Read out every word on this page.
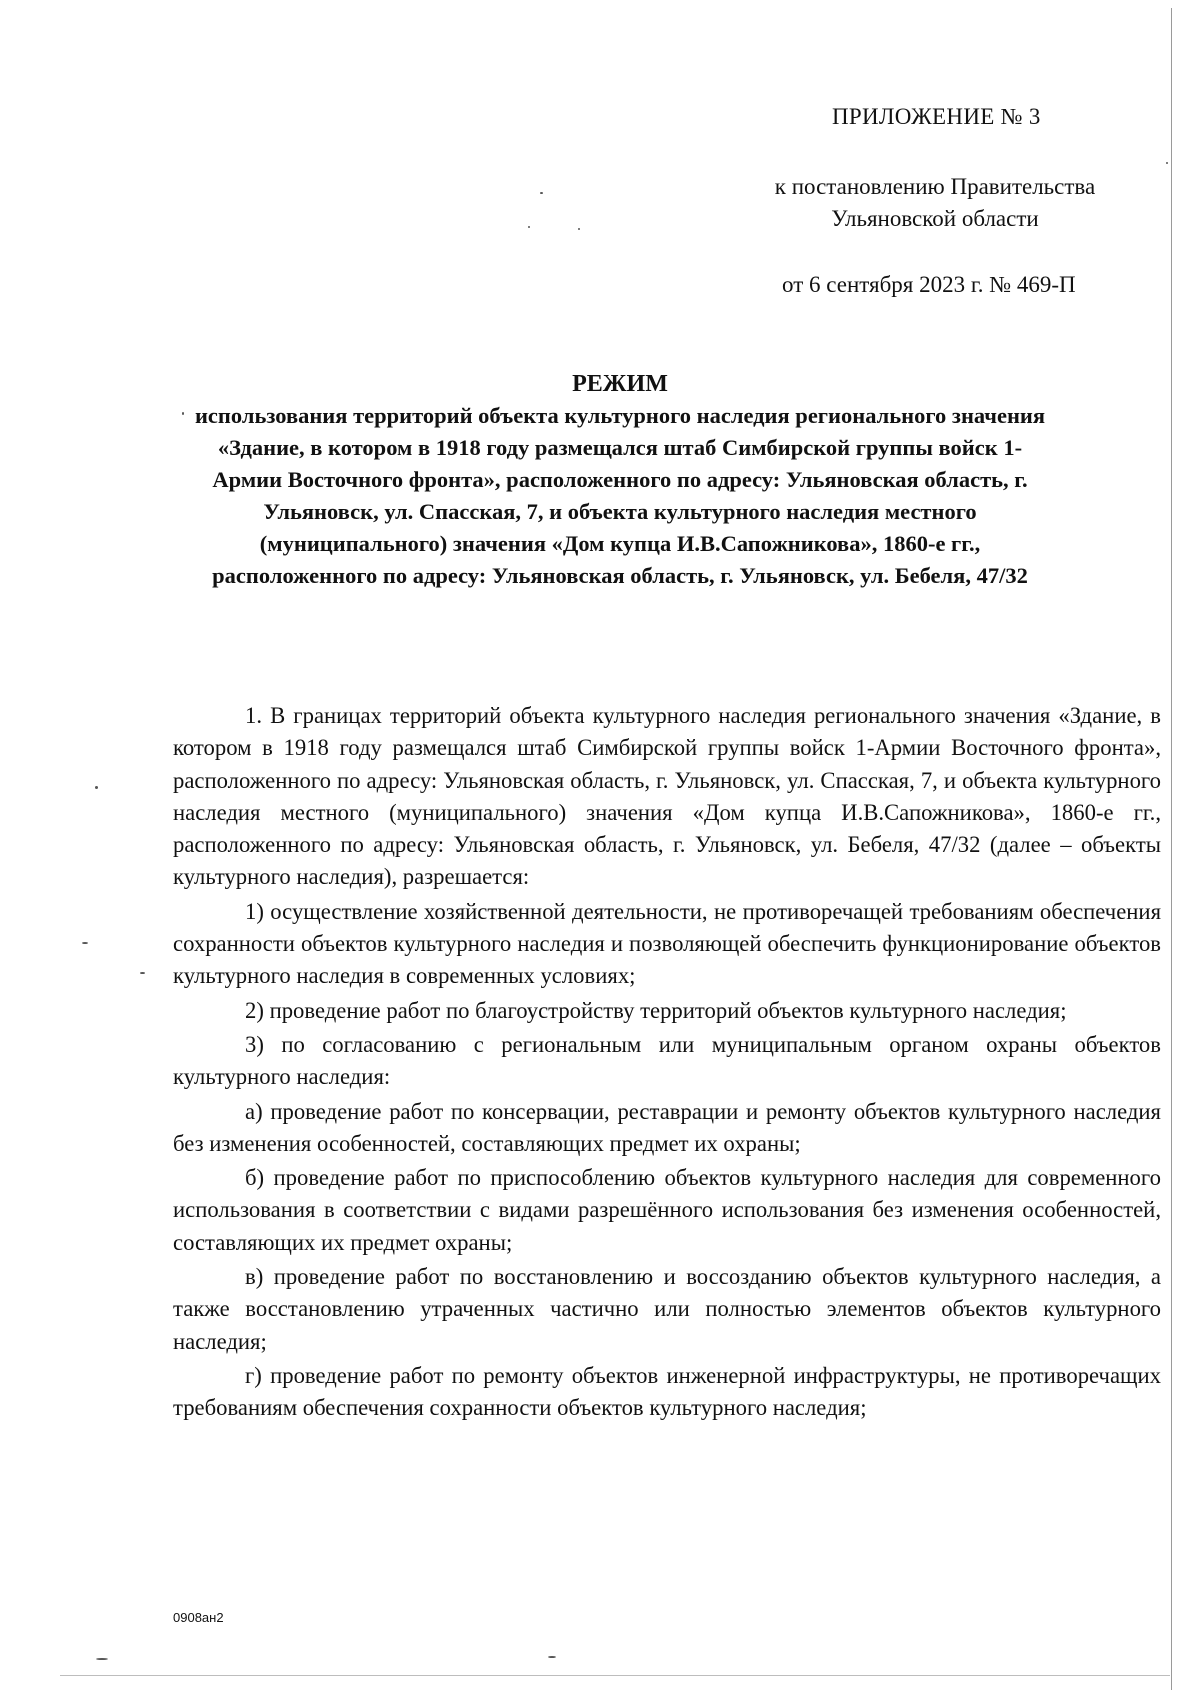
ПРИЛОЖЕНИЕ № 3
к постановлению Правительства
Ульяновской области
от 6 сентября 2023 г. № 469-П
РЕЖИМ
использования территорий объекта культурного наследия регионального значения «Здание, в котором в 1918 году размещался штаб Симбирской группы войск 1-Армии Восточного фронта», расположенного по адресу: Ульяновская область, г. Ульяновск, ул. Спасская, 7, и объекта культурного наследия местного (муниципального) значения «Дом купца И.В.Сапожникова», 1860-е гг., расположенного по адресу: Ульяновская область, г. Ульяновск, ул. Бебеля, 47/32

1. В границах территорий объекта культурного наследия регионального значения «Здание, в котором в 1918 году размещался штаб Симбирской группы войск 1-Армии Восточного фронта», расположенного по адресу: Ульяновская область, г. Ульяновск, ул. Спасская, 7, и объекта культурного наследия местного (муниципального) значения «Дом купца И.В.Сапожникова», 1860-е гг., расположенного по адресу: Ульяновская область, г. Ульяновск, ул. Бебеля, 47/32 (далее – объекты культурного наследия), разрешается:

1) осуществление хозяйственной деятельности, не противоречащей требованиям обеспечения сохранности объектов культурного наследия и позволяющей обеспечить функционирование объектов культурного наследия в современных условиях;

2) проведение работ по благоустройству территорий объектов культурного наследия;

3) по согласованию с региональным или муниципальным органом охраны объектов культурного наследия:

а) проведение работ по консервации, реставрации и ремонту объектов культурного наследия без изменения особенностей, составляющих предмет их охраны;

б) проведение работ по приспособлению объектов культурного наследия для современного использования в соответствии с видами разрешённого использования без изменения особенностей, составляющих их предмет охраны;

в) проведение работ по восстановлению и воссозданию объектов культурного наследия, а также восстановлению утраченных частично или полностью элементов объектов культурного наследия;

г) проведение работ по ремонту объектов инженерной инфраструктуры, не противоречащих требованиям обеспечения сохранности объектов культурного наследия;

0908ан2
